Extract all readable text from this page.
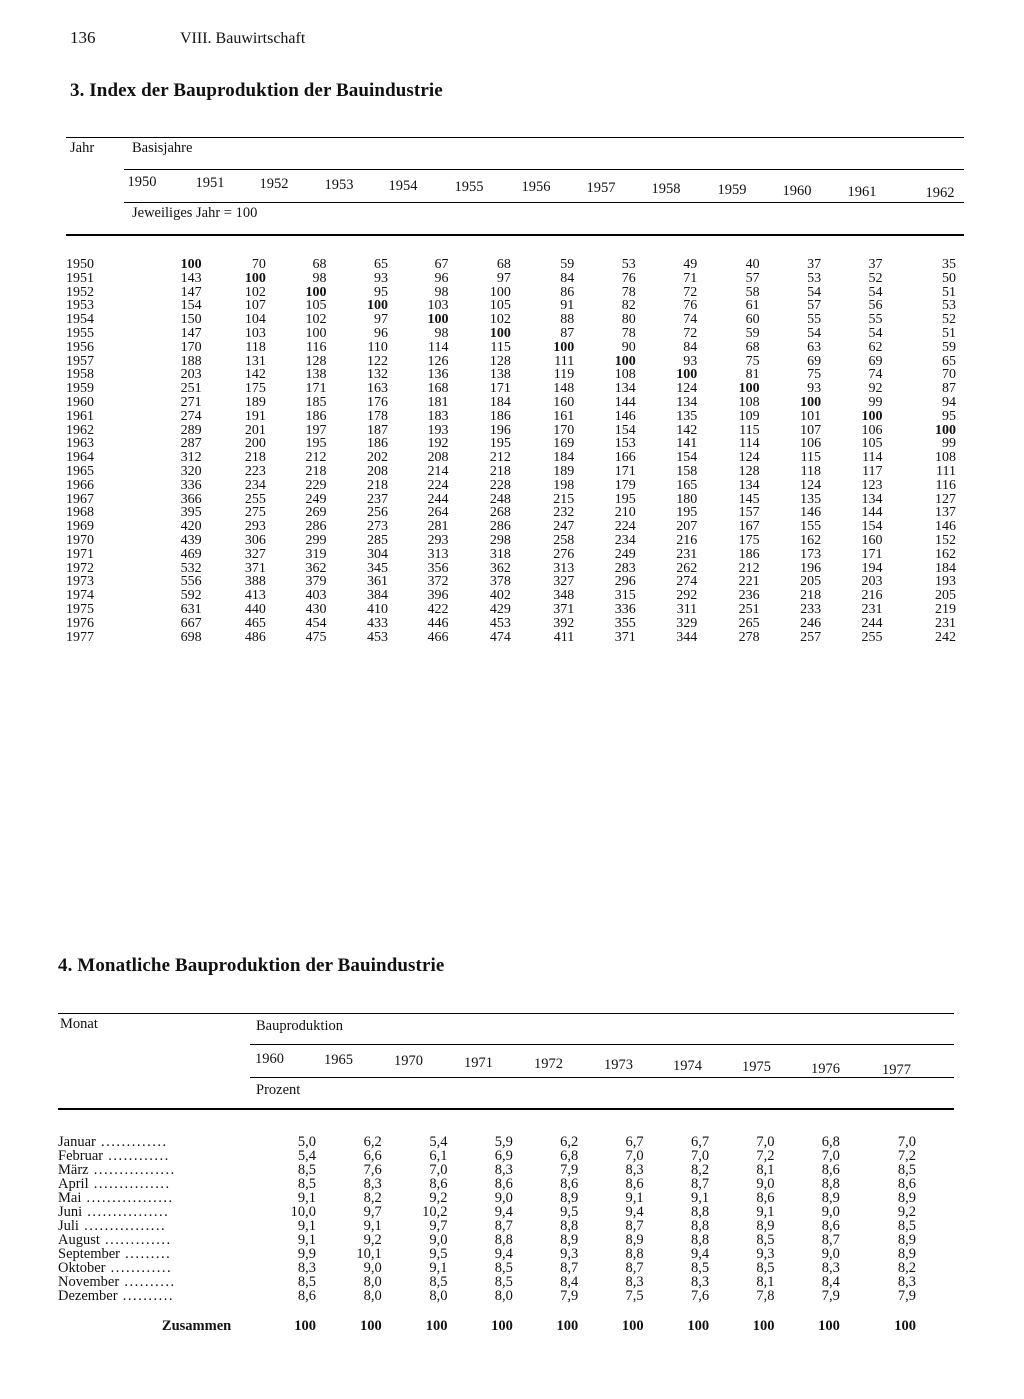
136	VIII. Bauwirtschaft
3. Index der Bauproduktion der Bauindustrie
Jahr	Basisjahre
1950	1951	1952	1953	1954	1955	1956	1957	1958	1959	1960	1961	1962
Jeweiliges Jahr = 100
1950	100	70	68	65	67	68	59	53	49	40	37	37	35
1951	143	100	98	93	96	97	84	76	71	57	53	52	50
1952	147	102	100	95	98	100	86	78	72	58	54	54	51
1953	154	107	105	100	103	105	91	82	76	61	57	56	53
1954	150	104	102	97	100	102	88	80	74	60	55	55	52
1955	147	103	100	96	98	100	87	78	72	59	54	54	51
1956	170	118	116	110	114	115	100	90	84	68	63	62	59
1957	188	131	128	122	126	128	111	100	93	75	69	69	65
1958	203	142	138	132	136	138	119	108	100	81	75	74	70
1959	251	175	171	163	168	171	148	134	124	100	93	92	87
1960	271	189	185	176	181	184	160	144	134	108	100	99	94
1961	274	191	186	178	183	186	161	146	135	109	101	100	95
1962	289	201	197	187	193	196	170	154	142	115	107	106	100
1963	287	200	195	186	192	195	169	153	141	114	106	105	99
1964	312	218	212	202	208	212	184	166	154	124	115	114	108
1965	320	223	218	208	214	218	189	171	158	128	118	117	111
1966	336	234	229	218	224	228	198	179	165	134	124	123	116
1967	366	255	249	237	244	248	215	195	180	145	135	134	127
1968	395	275	269	256	264	268	232	210	195	157	146	144	137
1969	420	293	286	273	281	286	247	224	207	167	155	154	146
1970	439	306	299	285	293	298	258	234	216	175	162	160	152
1971	469	327	319	304	313	318	276	249	231	186	173	171	162
1972	532	371	362	345	356	362	313	283	262	212	196	194	184
1973	556	388	379	361	372	378	327	296	274	221	205	203	193
1974	592	413	403	384	396	402	348	315	292	236	218	216	205
1975	631	440	430	410	422	429	371	336	311	251	233	231	219
1976	667	465	454	433	446	453	392	355	329	265	246	244	231
1977	698	486	475	453	466	474	411	371	344	278	257	255	242
4. Monatliche Bauproduktion der Bauindustrie
Monat	Bauproduktion
1960	1965	1970	1971	1972	1973	1974	1975	1976	1977
Prozent
Januar .............	5,0	6,2	5,4	5,9	6,2	6,7	6,7	7,0	6,8	7,0
Februar ............	5,4	6,6	6,1	6,9	6,8	7,0	7,0	7,2	7,0	7,2
März ................	8,5	7,6	7,0	8,3	7,9	8,3	8,2	8,1	8,6	8,5
April ...............	8,5	8,3	8,6	8,6	8,6	8,6	8,7	9,0	8,8	8,6
Mai .................	9,1	8,2	9,2	9,0	8,9	9,1	9,1	8,6	8,9	8,9
Juni ................	10,0	9,7	10,2	9,4	9,5	9,4	8,8	9,1	9,0	9,2
Juli ................	9,1	9,1	9,7	8,7	8,8	8,7	8,8	8,9	8,6	8,5
August .............	9,1	9,2	9,0	8,8	8,9	8,9	8,8	8,5	8,7	8,9
September .........	9,9	10,1	9,5	9,4	9,3	8,8	9,4	9,3	9,0	8,9
Oktober ............	8,3	9,0	9,1	8,5	8,7	8,7	8,5	8,5	8,3	8,2
November ..........	8,5	8,0	8,5	8,5	8,4	8,3	8,3	8,1	8,4	8,3
Dezember ..........	8,6	8,0	8,0	8,0	7,9	7,5	7,6	7,8	7,9	7,9
Zusammen	100	100	100	100	100	100	100	100	100	100
